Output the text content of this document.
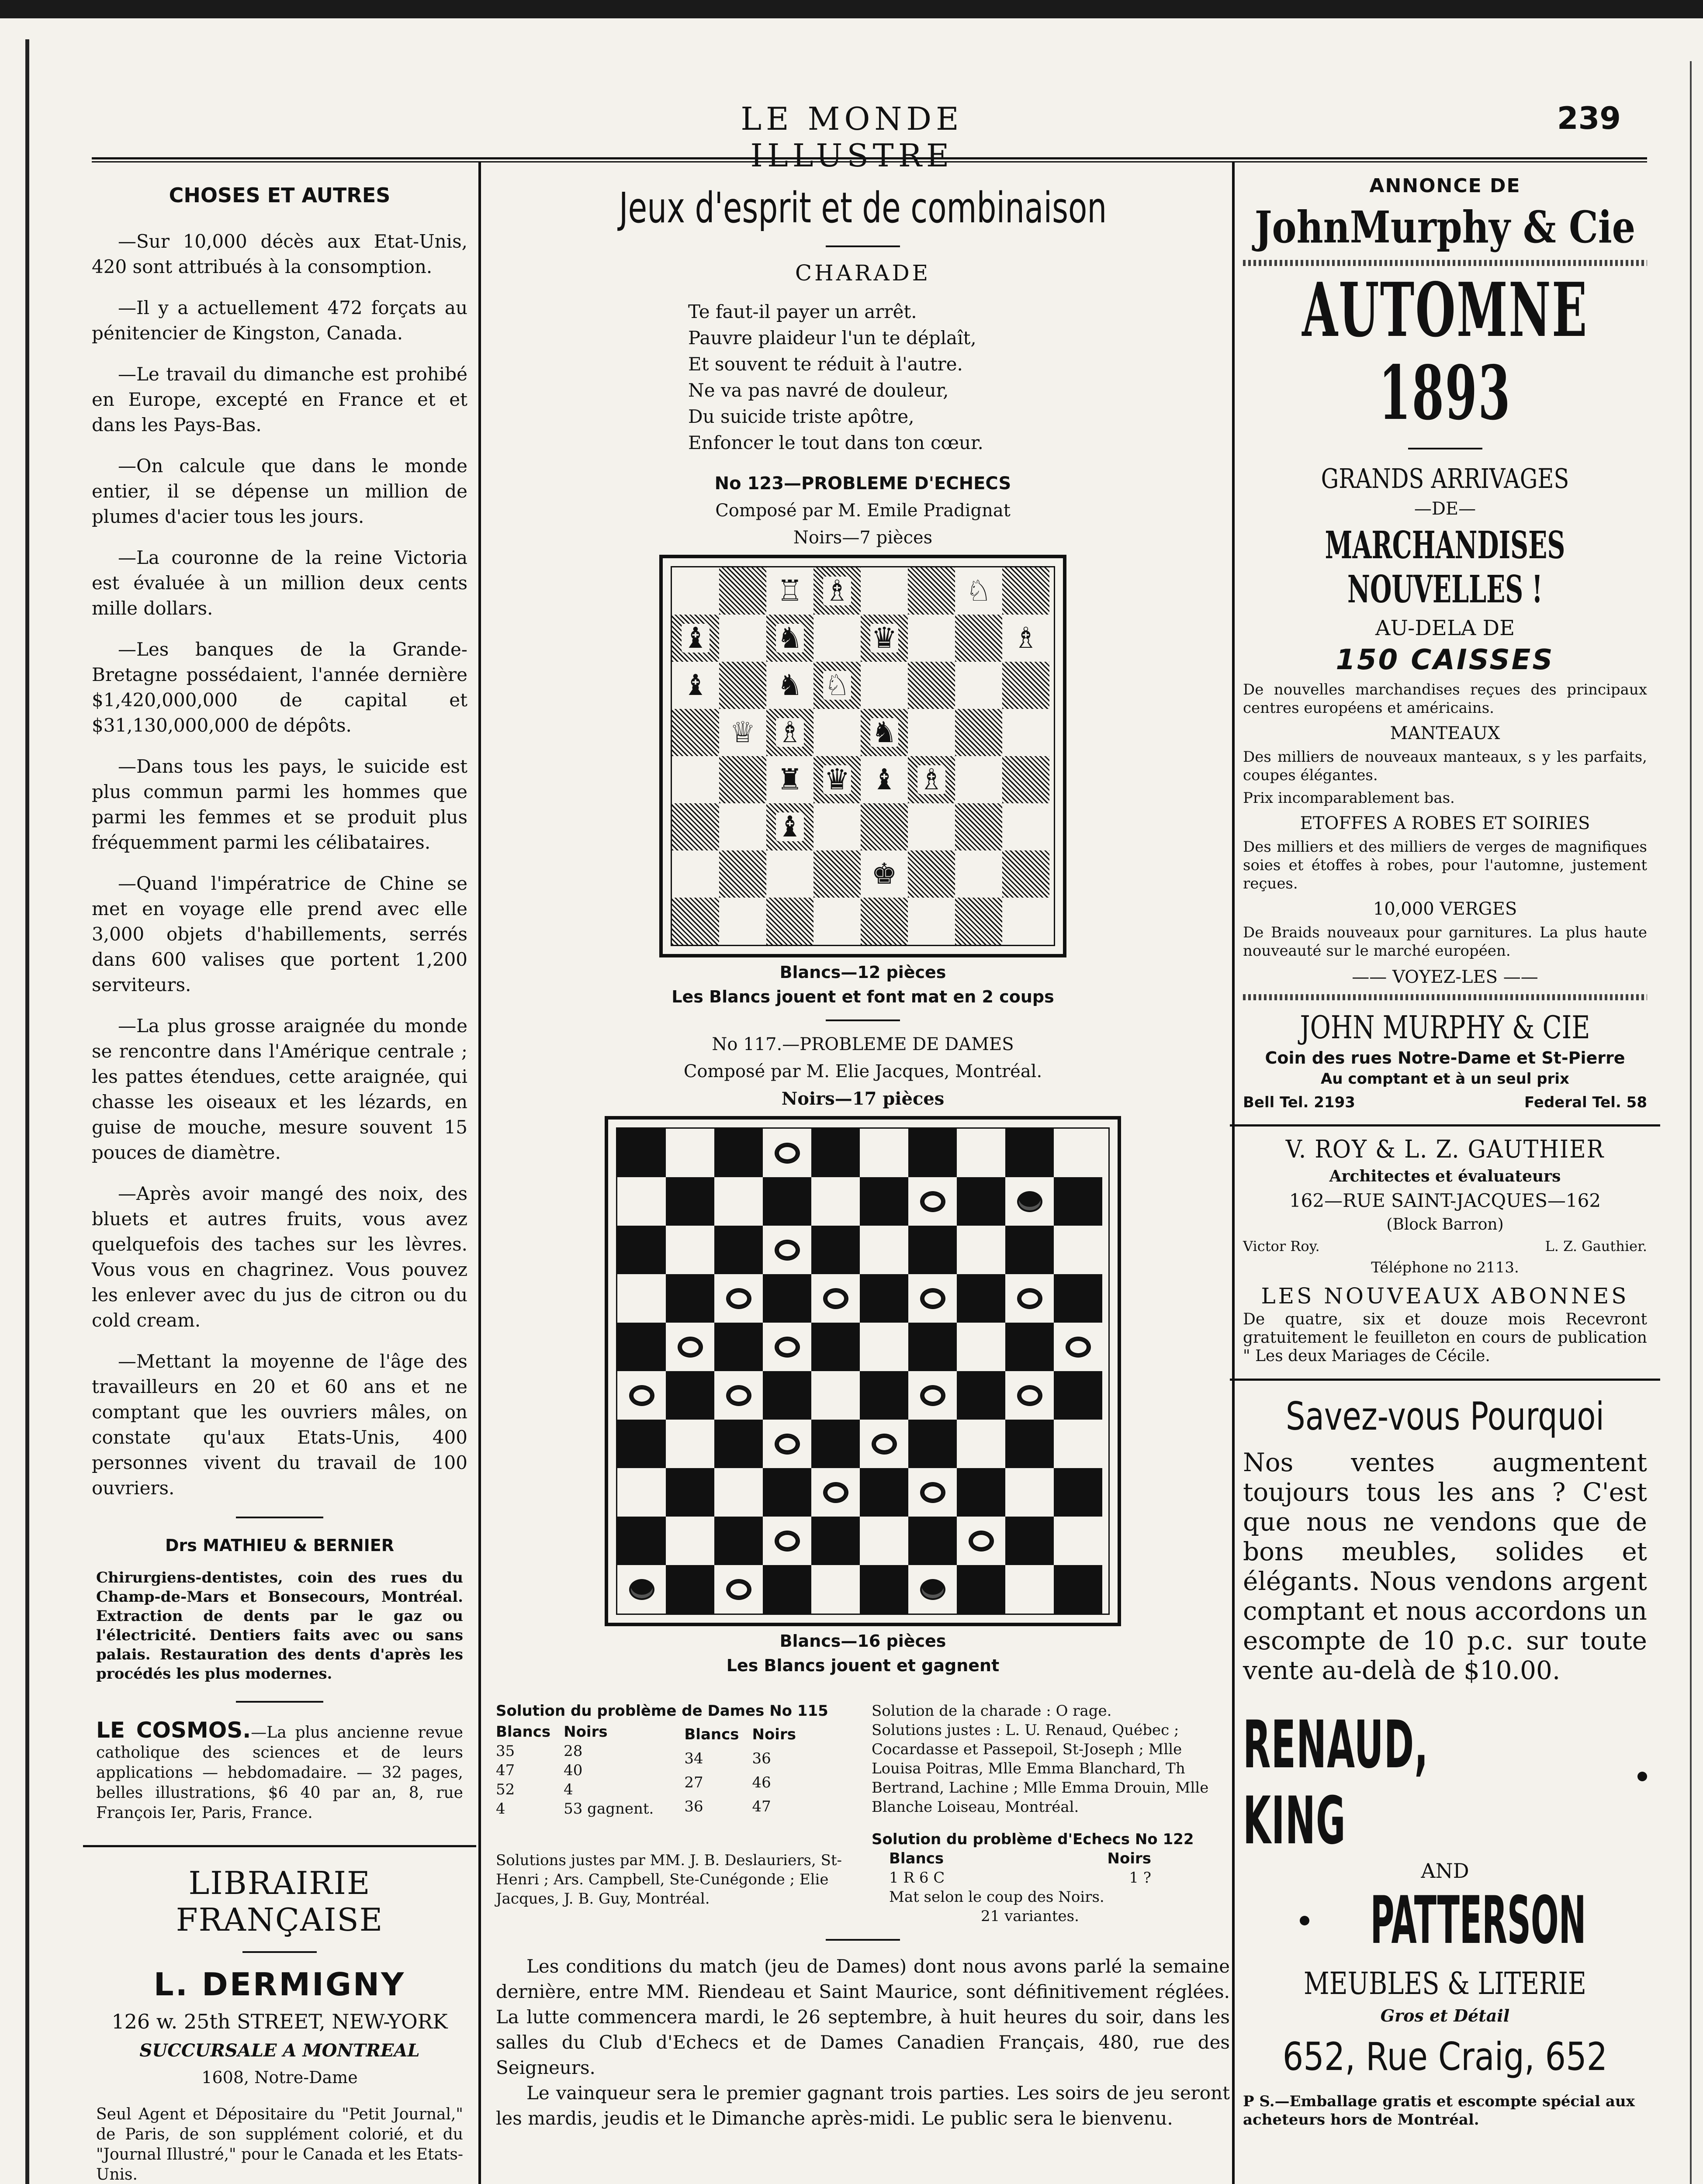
LE MONDE ILLUSTRE
239
CHOSES ET AUTRES

—Sur 10,000 décès aux Etat-Unis, 420 sont attribués à la consomption.

—Il y a actuellement 472 forçats au pénitencier de Kingston, Canada.

—Le travail du dimanche est prohibé en Europe, excepté en France et et dans les Pays-Bas.

—On calcule que dans le monde entier, il se dépense un million de plumes d'acier tous les jours.

—La couronne de la reine Victoria est évaluée à un million deux cents mille dollars.

—Les banques de la Grande-Bretagne possédaient, l'année dernière $1,420,000,000 de capital et $31,130,000,000 de dépôts.

—Dans tous les pays, le suicide est plus commun parmi les hommes que parmi les femmes et se produit plus fréquemment parmi les célibataires.

—Quand l'impératrice de Chine se met en voyage elle prend avec elle 3,000 objets d'habillements, serrés dans 600 valises que portent 1,200 serviteurs.

—La plus grosse araignée du monde se rencontre dans l'Amérique centrale ; les pattes étendues, cette araignée, qui chasse les oiseaux et les lézards, en guise de mouche, mesure souvent 15 pouces de diamètre.

—Après avoir mangé des noix, des bluets et autres fruits, vous avez quelquefois des taches sur les lèvres. Vous vous en chagrinez. Vous pouvez les enlever avec du jus de citron ou du cold cream.

—Mettant la moyenne de l'âge des travailleurs en 20 et 60 ans et ne comptant que les ouvriers mâles, on constate qu'aux Etats-Unis, 400 personnes vivent du travail de 100 ouvriers.

Drs MATHIEU & BERNIER
Chirurgiens-dentistes, coin des rues du Champ-de-Mars et Bonsecours, Montréal. Extraction de dents par le gaz ou l'électricité. Dentiers faits avec ou sans palais. Restauration des dents d'après les procédés les plus modernes.
LE COSMOS.—La plus ancienne revue catholique des sciences et de leurs applications — hebdomadaire. — 32 pages, belles illustrations, $6 40 par an, 8, rue François Ier, Paris, France.
LIBRAIRIE FRANÇAISE
L. DERMIGNY
126 w. 25th STREET, NEW-YORK
SUCCURSALE A MONTREAL
1608, Notre-Dame
Seul Agent et Dépositaire du "Petit Journal," de Paris, de son supplément colorié, et du "Journal Illustré," pour le Canada et les Etats-Unis.
Jeux d'esprit et de combinaison
CHARADE
Te faut-il payer un arrêt.
Pauvre plaideur l'un te déplaît,
Et souvent te réduit à l'autre.
Ne va pas navré de douleur,
Du suicide triste apôtre,
Enfoncer le tout dans ton cœur.
No 123—PROBLEME D'ECHECS
Composé par M. Emile Pradignat
Noirs—7 pièces
♖ ♗	♘
♝ ♞ ♛	♗
♝ ♞ ♘
♕ ♗ ♞
♜ ♛ ♝ ♗
♝
♚
Blancs—12 pièces
Les Blancs jouent et font mat en 2 coups
No 117.—PROBLEME DE DAMES
Composé par M. Elie Jacques, Montréal.
Noirs—17 pièces
Blancs—16 pièces
Les Blancs jouent et gagnent
Solution du problème de Dames No 115
Blancs	Noirs
35	28
47	40
52	4
4	53 gagnent.
Blancs	Noirs
34	36
27	46
36	47
Solutions justes par MM. J. B. Deslauriers, St-Henri ; Ars. Campbell, Ste-Cunégonde ; Elie Jacques, J. B. Guy, Montréal.
Solution de la charade : O rage.
Solutions justes : L. U. Renaud, Québec ; Cocardasse et Passepoil, St-Joseph ; Mlle Louisa Poitras, Mlle Emma Blanchard, Th Bertrand, Lachine ; Mlle Emma Drouin, Mlle Blanche Loiseau, Montréal.
Solution du problème d'Echecs No 122
Blancs	Noirs
1 R 6 C	1 ?
Mat selon le coup des Noirs.
21 variantes.

Les conditions du match (jeu de Dames) dont nous avons parlé la semaine dernière, entre MM. Riendeau et Saint Maurice, sont définitivement réglées. La lutte commencera mardi, le 26 septembre, à huit heures du soir, dans les salles du Club d'Echecs et de Dames Canadien Français, 480, rue des Seigneurs.

Le vainqueur sera le premier gagnant trois parties. Les soirs de jeu seront les mardis, jeudis et le Dimanche après-midi. Le public sera le bienvenu.

ANNONCE DE
JohnMurphy & Cie
AUTOMNE 1893
GRANDS ARRIVAGES
—DE—
MARCHANDISES NOUVELLES !
AU-DELA DE
150 CAISSES
De nouvelles marchandises reçues des principaux centres européens et américains.
MANTEAUX
Des milliers de nouveaux manteaux, s y les parfaits, coupes élégantes.
Prix incomparablement bas.
ETOFFES A ROBES ET SOIRIES
Des milliers et des milliers de verges de magnifiques soies et étoffes à robes, pour l'automne, justement reçues.
10,000 VERGES
De Braids nouveaux pour garnitures. La plus haute nouveauté sur le marché européen.
—— VOYEZ-LES ——
JOHN MURPHY & CIE
Coin des rues Notre-Dame et St-Pierre
Au comptant et à un seul prix
Bell Tel. 2193	Federal Tel. 58
V. ROY & L. Z. GAUTHIER
Architectes et évaluateurs
162—RUE SAINT-JACQUES—162
(Block Barron)
Victor Roy.	L. Z. Gauthier.
Téléphone no 2113.
LES NOUVEAUX ABONNES
De quatre, six et douze mois Recevront gratuitement le feuilleton en cours de publication " Les deux Mariages de Cécile.
Savez-vous Pourquoi
Nos ventes augmentent toujours tous les ans ? C'est que nous ne vendons que de bons meubles, solides et élégants. Nous vendons argent comptant et nous accordons un escompte de 10 p.c. sur toute vente au-delà de $10.00.
RENAUD, KING
AND
PATTERSON
MEUBLES & LITERIE
Gros et Détail
652, Rue Craig, 652
P S.—Emballage gratis et escompte spécial aux acheteurs hors de Montréal.
